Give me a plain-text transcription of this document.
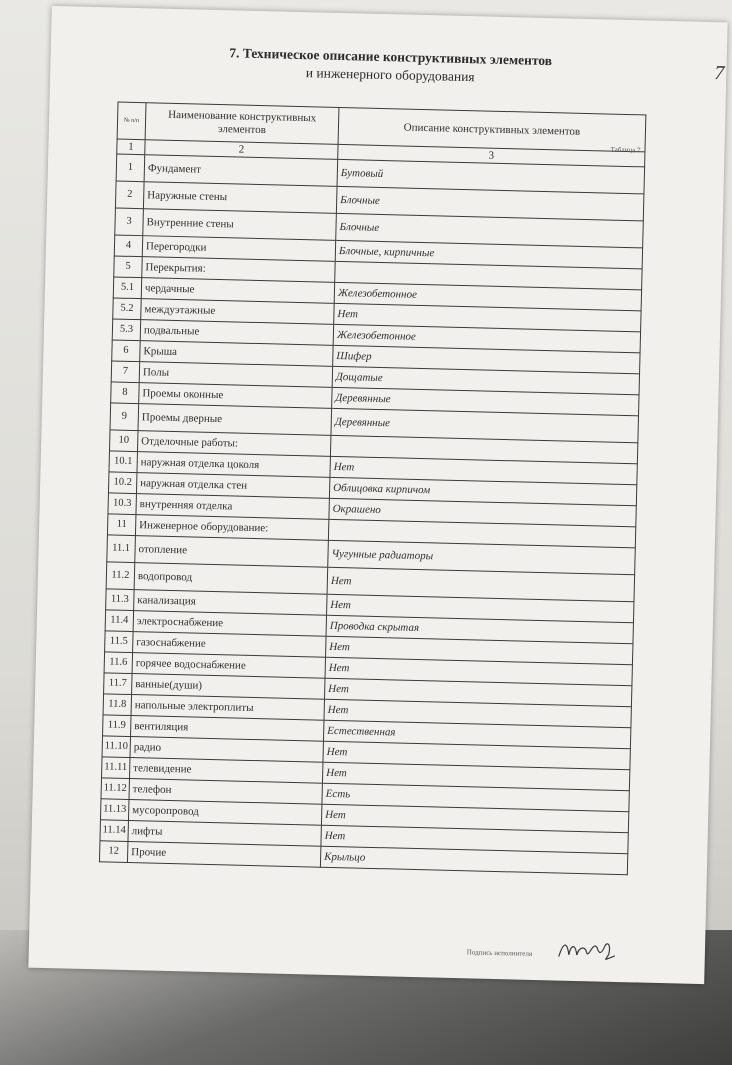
7
7. Техническое описание конструктивных элементов
и инженерного оборудования
№ п/п	Наименование конструктивных элементов	Описание конструктивных элементов
1	2	3
1	Фундамент	Бутовый
2	Наружные стены	Блочные
3	Внутренние стены	Блочные
4	Перегородки	Блочные, кирпичные
5	Перекрытия:	
5.1	чердачные	Железобетонное
5.2	междуэтажные	Нет
5.3	подвальные	Железобетонное
6	Крыша	Шифер
7	Полы	Дощатые
8	Проемы оконные	Деревянные
9	Проемы дверные	Деревянные
10	Отделочные работы:	
10.1	наружная отделка цоколя	Нет
10.2	наружная отделка стен	Облицовка кирпичом
10.3	внутренняя отделка	Окрашено
11	Инженерное оборудование:	
11.1	отопление	Чугунные радиаторы
11.2	водопровод	Нет
11.3	канализация	Нет
11.4	электроснабжение	Проводка скрытая
11.5	газоснабжение	Нет
11.6	горячее водоснабжение	Нет
11.7	ванные(души)	Нет
11.8	напольные электроплиты	Нет
11.9	вентиляция	Естественная
11.10	радио	Нет
11.11	телевидение	Нет
11.12	телефон	Есть
11.13	мусоропровод	Нет
11.14	лифты	Нет
12	Прочие	Крыльцо
Таблица 7
Подпись исполнителя
